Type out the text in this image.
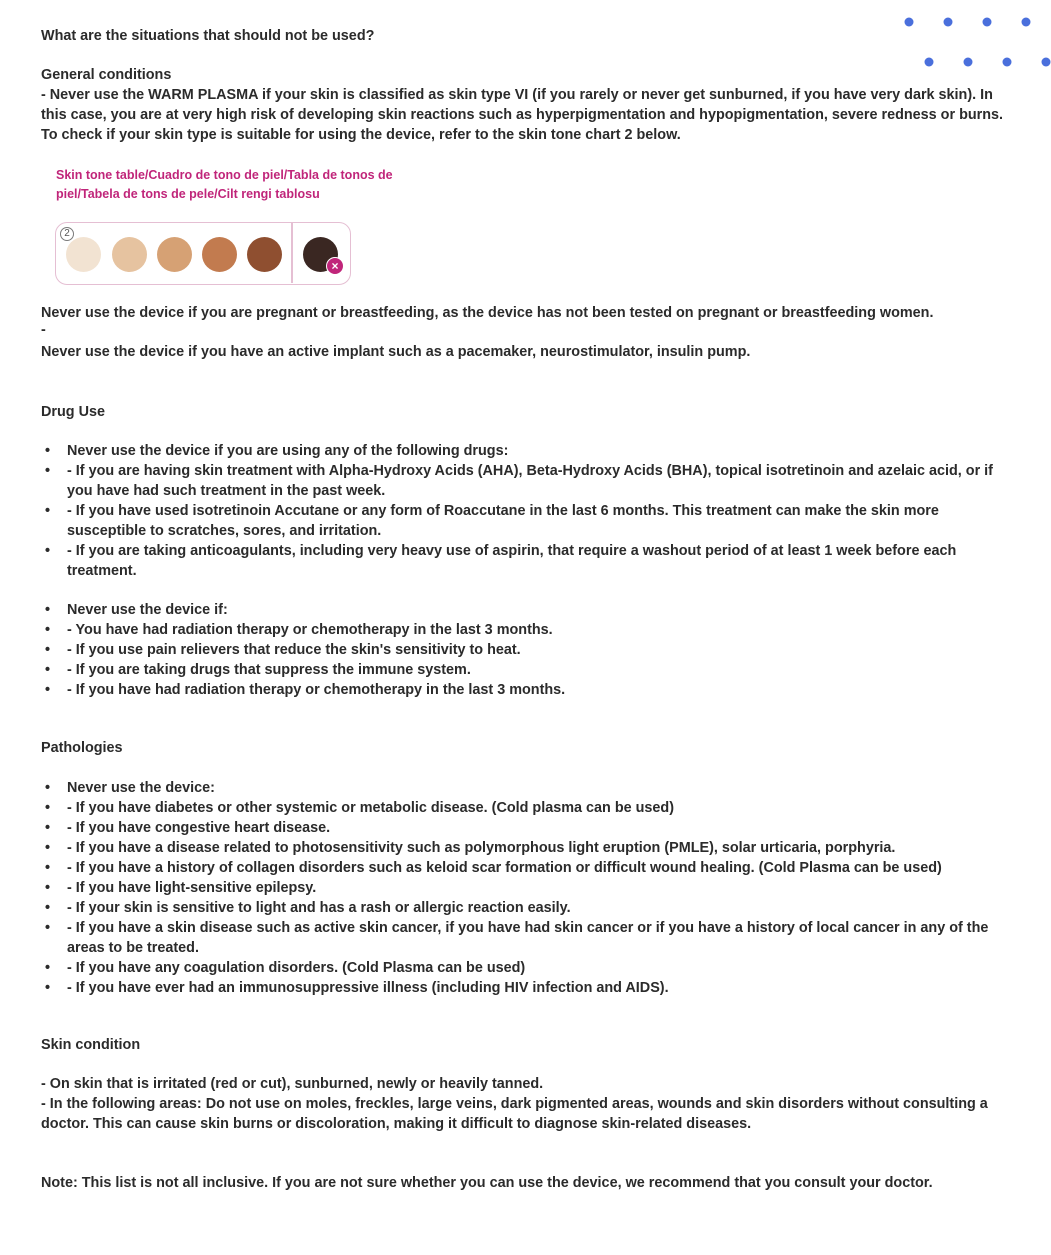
What are the situations that should not be used?

General conditions

- Never use the WARM PLASMA if your skin is classified as skin type VI (if you rarely or never get sunburned, if you have very dark skin). In this case, you are at very high risk of developing skin reactions such as hyperpigmentation and hypopigmentation, severe redness or burns. To check if your skin type is suitable for using the device, refer to the skin tone chart 2 below.

Skin tone table/Cuadro de tono de piel/Tabla de tonos de piel/Tabela de tons de pele/Cilt rengi tablosu
2
×

Never use the device if you are pregnant or breastfeeding, as the device has not been tested on pregnant or breastfeeding women.

-

Never use the device if you have an active implant such as a pacemaker, neurostimulator, insulin pump.

Drug Use

• Never use the device if you are using any of the following drugs:
• - If you are having skin treatment with Alpha-Hydroxy Acids (AHA), Beta-Hydroxy Acids (BHA), topical isotretinoin and azelaic acid, or if you have had such treatment in the past week.
• - If you have used isotretinoin Accutane or any form of Roaccutane in the last 6 months. This treatment can make the skin more susceptible to scratches, sores, and irritation.
• - If you are taking anticoagulants, including very heavy use of aspirin, that require a washout period of at least 1 week before each treatment.
• Never use the device if:
• - You have had radiation therapy or chemotherapy in the last 3 months.
• - If you use pain relievers that reduce the skin's sensitivity to heat.
• - If you are taking drugs that suppress the immune system.
• - If you have had radiation therapy or chemotherapy in the last 3 months.

Pathologies

• Never use the device:
• - If you have diabetes or other systemic or metabolic disease. (Cold plasma can be used)
• - If you have congestive heart disease.
• - If you have a disease related to photosensitivity such as polymorphous light eruption (PMLE), solar urticaria, porphyria.
• - If you have a history of collagen disorders such as keloid scar formation or difficult wound healing. (Cold Plasma can be used)
• - If you have light-sensitive epilepsy.
• - If your skin is sensitive to light and has a rash or allergic reaction easily.
• - If you have a skin disease such as active skin cancer, if you have had skin cancer or if you have a history of local cancer in any of the areas to be treated.
• - If you have any coagulation disorders. (Cold Plasma can be used)
• - If you have ever had an immunosuppressive illness (including HIV infection and AIDS).

Skin condition

- On skin that is irritated (red or cut), sunburned, newly or heavily tanned.

- In the following areas: Do not use on moles, freckles, large veins, dark pigmented areas, wounds and skin disorders without consulting a doctor. This can cause skin burns or discoloration, making it difficult to diagnose skin-related diseases.

Note: This list is not all inclusive. If you are not sure whether you can use the device, we recommend that you consult your doctor.
